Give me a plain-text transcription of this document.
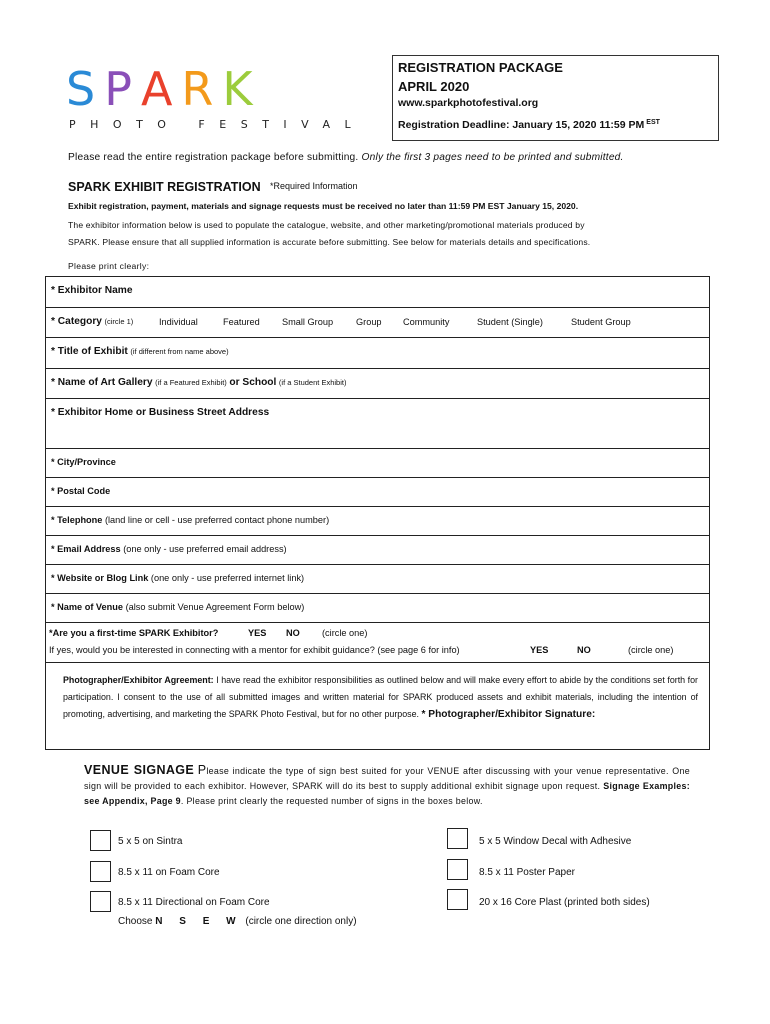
SPARK
PHOTO FESTIVAL
REGISTRATION PACKAGE
APRIL 2020
www.sparkphotofestival.org
Registration Deadline: January 15, 2020 11:59 PM $^{EST}$
Please read the entire registration package before submitting. Only the first 3 pages need to be printed and submitted.
SPARK EXHIBIT REGISTRATION *Required Information
Exhibit registration, payment, materials and signage requests must be received no later than 11:59 PM EST January 15, 2020.
The exhibitor information below is used to populate the catalogue, website, and other marketing/promotional materials produced by
SPARK. Please ensure that all supplied information is accurate before submitting. See below for materials details and specifications.
Please print clearly:
* Exhibitor Name
* Category (circle 1)	Individual	Featured Small Group Group Community	Student (Single)	Student Group
* Title of Exhibit (if different from name above)
* Name of Art Gallery (if a Featured Exhibit) or School (if a Student Exhibit)
* Exhibitor Home or Business Street Address
* City/Province
* Postal Code
* Telephone (land line or cell - use preferred contact phone number)
* Email Address (one only - use preferred email address)
* Website or Blog Link (one only - use preferred internet link)
* Name of Venue (also submit Venue Agreement Form below)
*Are you a first-time SPARK Exhibitor?	YES NO (circle one)
If yes, would you be interested in connecting with a mentor for exhibit guidance? (see page 6 for info)	YES	NO	(circle one)
Photographer/Exhibitor Agreement: I have read the exhibitor responsibilities as outlined below and will make every effort to abide by the conditions set forth for participation. I consent to the use of all submitted images and written material for SPARK produced assets and exhibit materials, including the intention of promoting, advertising, and marketing the SPARK Photo Festival, but for no other purpose. * Photographer/Exhibitor Signature:
VENUE SIGNAGE Please indicate the type of sign best suited for your VENUE after discussing with your venue representative. One sign will be provided to each exhibitor. However, SPARK will do its best to supply additional exhibit signage upon request. Signage Examples: see Appendix, Page 9. Please print clearly the requested number of signs in the boxes below.
5 x 5 on Sintra	5 x 5 Window Decal with Adhesive
8.5 x 11 on Foam Core	8.5 x 11 Poster Paper
8.5 x 11 Directional on Foam Core	20 x 16 Core Plast (printed both sides)
Choose N S E W (circle one direction only)
